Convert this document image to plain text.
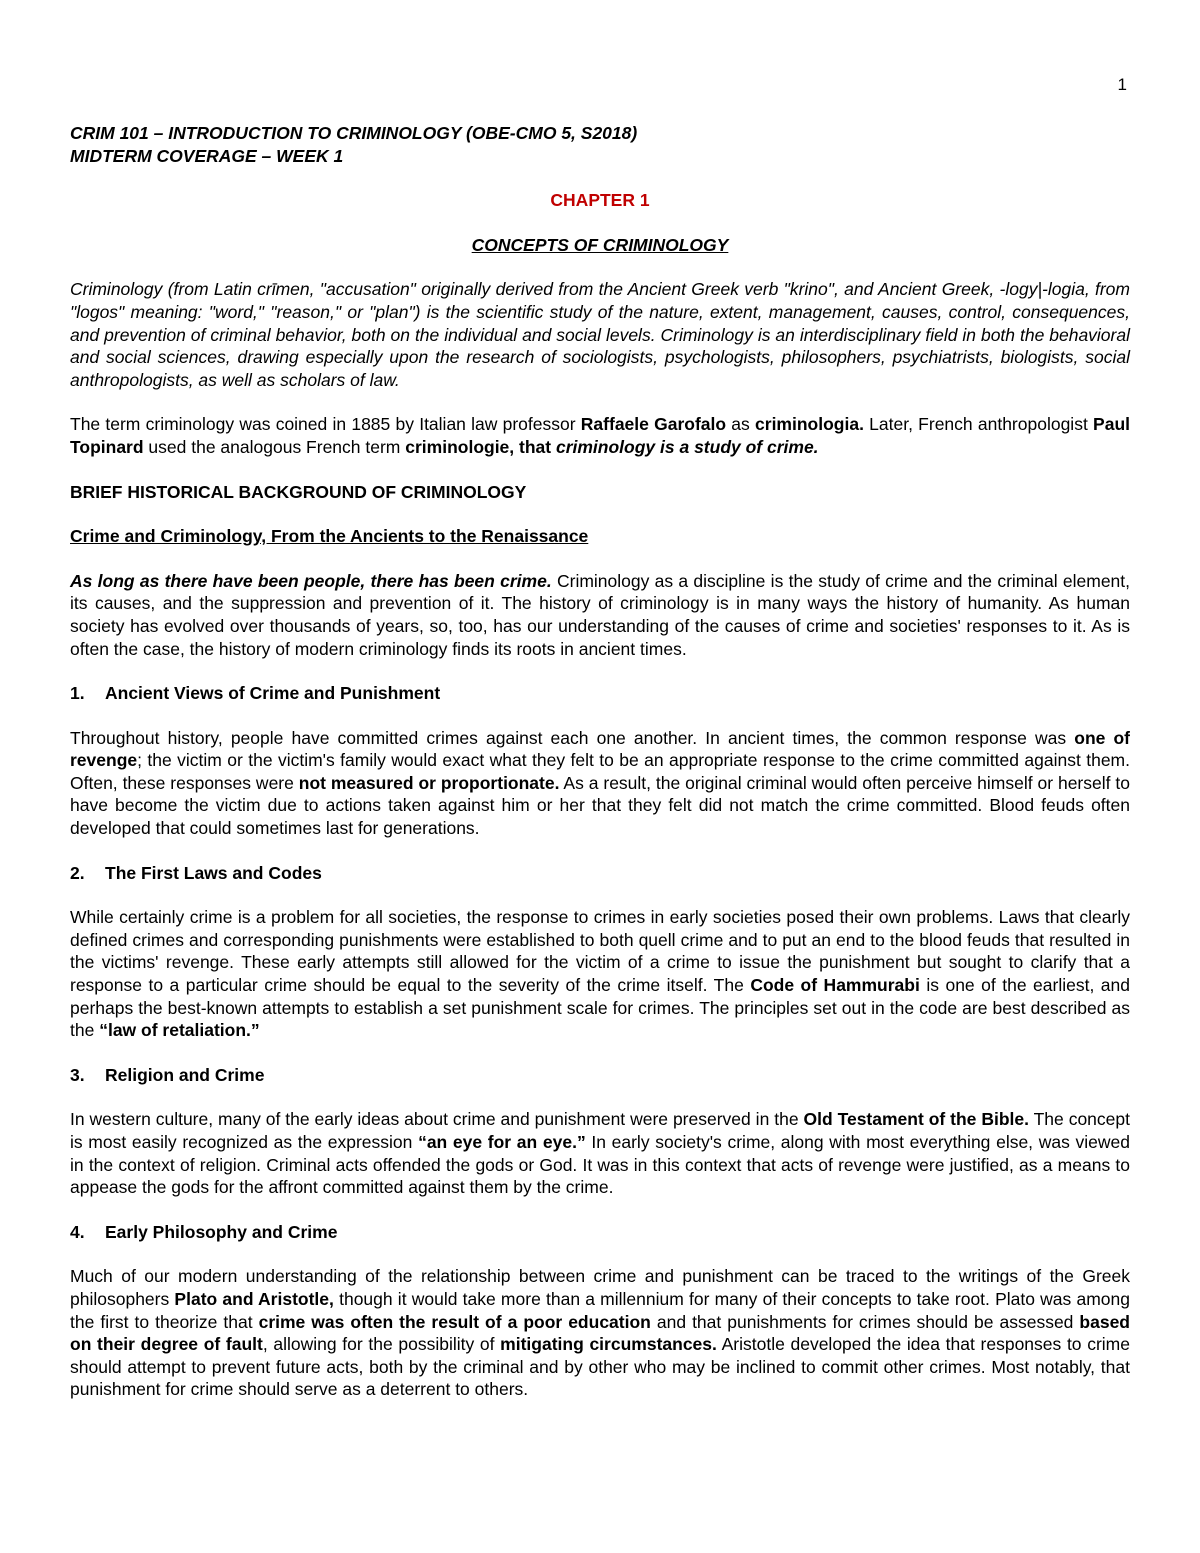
1

CRIM 101 – INTRODUCTION TO CRIMINOLOGY (OBE-CMO 5, S2018)

MIDTERM COVERAGE – WEEK 1

CHAPTER 1

CONCEPTS OF CRIMINOLOGY

Criminology (from Latin crīmen, "accusation" originally derived from the Ancient Greek verb "krino", and Ancient Greek, -logy|-logia, from "logos" meaning: "word," "reason," or "plan") is the scientific study of the nature, extent, management, causes, control, consequences, and prevention of criminal behavior, both on the individual and social levels. Criminology is an interdisciplinary field in both the behavioral and social sciences, drawing especially upon the research of sociologists, psychologists, philosophers, psychiatrists, biologists, social anthropologists, as well as scholars of law.

The term criminology was coined in 1885 by Italian law professor Raffaele Garofalo as criminologia. Later, French anthropologist Paul Topinard used the analogous French term criminologie, that criminology is a study of crime.

BRIEF HISTORICAL BACKGROUND OF CRIMINOLOGY

Crime and Criminology, From the Ancients to the Renaissance

As long as there have been people, there has been crime. Criminology as a discipline is the study of crime and the criminal element, its causes, and the suppression and prevention of it. The history of criminology is in many ways the history of humanity. As human society has evolved over thousands of years, so, too, has our understanding of the causes of crime and societies' responses to it. As is often the case, the history of modern criminology finds its roots in ancient times.

1. Ancient Views of Crime and Punishment

Throughout history, people have committed crimes against each one another. In ancient times, the common response was one of revenge; the victim or the victim's family would exact what they felt to be an appropriate response to the crime committed against them. Often, these responses were not measured or proportionate. As a result, the original criminal would often perceive himself or herself to have become the victim due to actions taken against him or her that they felt did not match the crime committed. Blood feuds often developed that could sometimes last for generations.

2. The First Laws and Codes

While certainly crime is a problem for all societies, the response to crimes in early societies posed their own problems. Laws that clearly defined crimes and corresponding punishments were established to both quell crime and to put an end to the blood feuds that resulted in the victims' revenge. These early attempts still allowed for the victim of a crime to issue the punishment but sought to clarify that a response to a particular crime should be equal to the severity of the crime itself. The Code of Hammurabi is one of the earliest, and perhaps the best-known attempts to establish a set punishment scale for crimes. The principles set out in the code are best described as the “law of retaliation.”

3. Religion and Crime

In western culture, many of the early ideas about crime and punishment were preserved in the Old Testament of the Bible. The concept is most easily recognized as the expression “an eye for an eye.” In early society's crime, along with most everything else, was viewed in the context of religion. Criminal acts offended the gods or God. It was in this context that acts of revenge were justified, as a means to appease the gods for the affront committed against them by the crime.

4. Early Philosophy and Crime

Much of our modern understanding of the relationship between crime and punishment can be traced to the writings of the Greek philosophers Plato and Aristotle, though it would take more than a millennium for many of their concepts to take root. Plato was among the first to theorize that crime was often the result of a poor education and that punishments for crimes should be assessed based on their degree of fault, allowing for the possibility of mitigating circumstances. Aristotle developed the idea that responses to crime should attempt to prevent future acts, both by the criminal and by other who may be inclined to commit other crimes. Most notably, that punishment for crime should serve as a deterrent to others.
